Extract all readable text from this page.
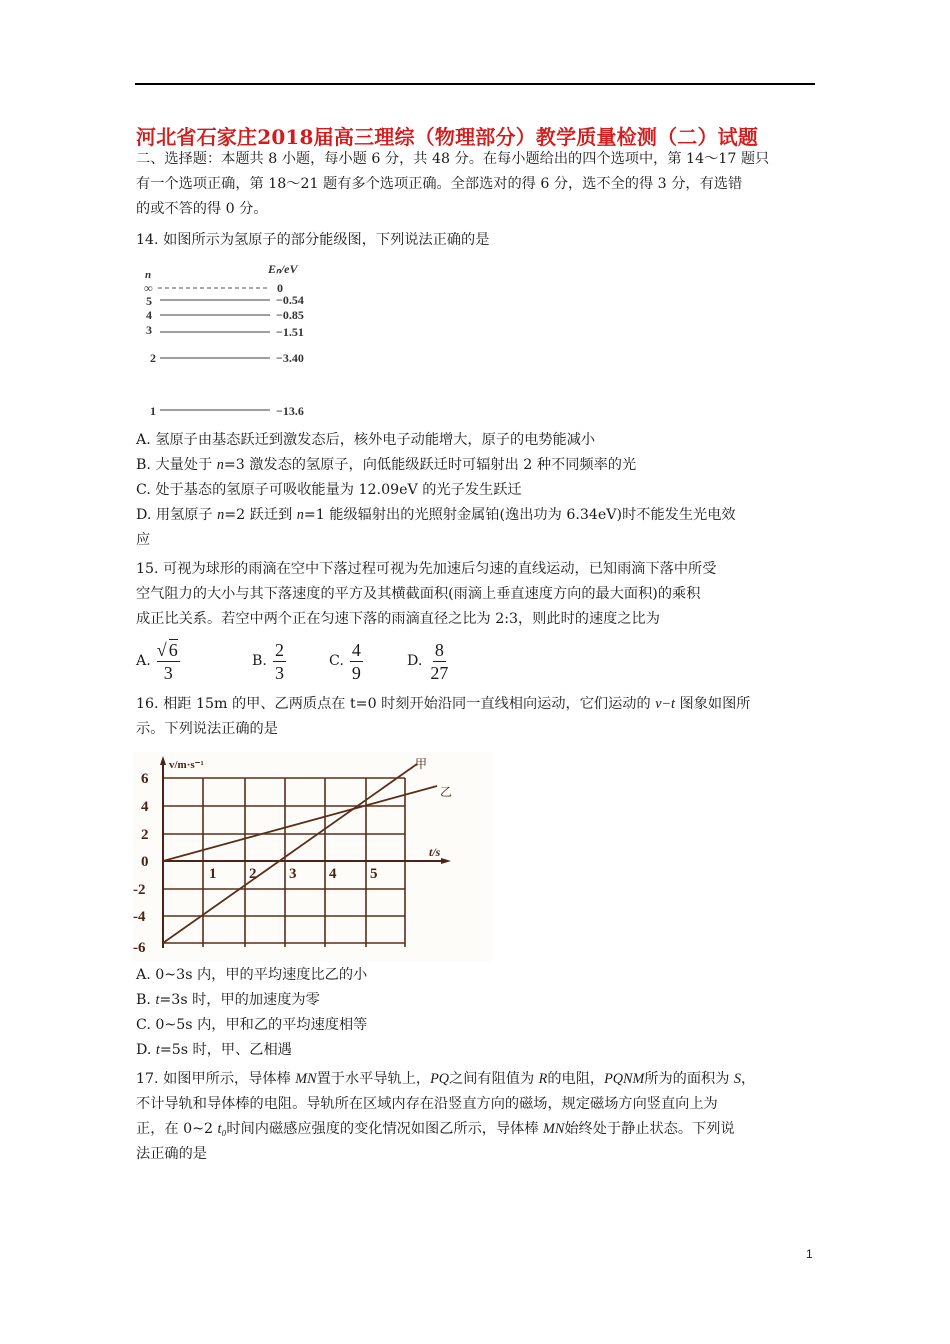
河北省石家庄2018届高三理综（物理部分）教学质量检测（二）试题
二、选择题：本题共 8 小题，每小题 6 分，共 48 分。在每小题给出的四个选项中，第 14～17 题只
有一个选项正确，第 18～21 题有多个选项正确。全部选对的得 6 分，选不全的得 3 分，有选错
的或不答的得 0 分。
14. 如图所示为氢原子的部分能级图，下列说法正确的是
n	Eₙ/eV
∞	0
5	−0.54
4	−0.85
3	−1.51
2	−3.40
1	−13.6
A. 氢原子由基态跃迁到激发态后，核外电子动能增大，原子的电势能减小
B. 大量处于 n=3 激发态的氢原子，向低能级跃迁时可辐射出 2 种不同频率的光
C. 处于基态的氢原子可吸收能量为 12.09eV 的光子发生跃迁
D. 用氢原子 n=2 跃迁到 n=1 能级辐射出的光照射金属铂(逸出功为 6.34eV)时不能发生光电效
应
15. 可视为球形的雨滴在空中下落过程可视为先加速后匀速的直线运动，已知雨滴下落中所受
空气阻力的大小与其下落速度的平方及其横截面积(雨滴上垂直速度方向的最大面积)的乘积
成正比关系。若空中两个正在匀速下落的雨滴直径之比为 2:3，则此时的速度之比为
A. √ $\frac{6}{3}$	B. $\frac{2}{3}$	C. $\frac{4}{9}$	D. $\frac{8}{27}$
16. 相距 15m 的甲、乙两质点在 t=0 时刻开始沿同一直线相向运动，它们运动的 v−t 图象如图所
示。下列说法正确的是
6
4
2
0
-2
-4
-6
1 2 3 4 5
v/m·s⁻¹
t/s
甲
乙
A. 0~3s 内，甲的平均速度比乙的小
B. t=3s 时，甲的加速度为零
C. 0~5s 内，甲和乙的平均速度相等
D. t=5s 时，甲、乙相遇
17. 如图甲所示，导体棒 MN置于水平导轨上，PQ之间有阻值为 R的电阻，PQNM所为的面积为 S，
不计导轨和导体棒的电阻。导轨所在区域内存在沿竖直方向的磁场，规定磁场方向竖直向上为
正，在 0~2 t₀时间内磁感应强度的变化情况如图乙所示，导体棒 MN始终处于静止状态。下列说
法正确的是
1
